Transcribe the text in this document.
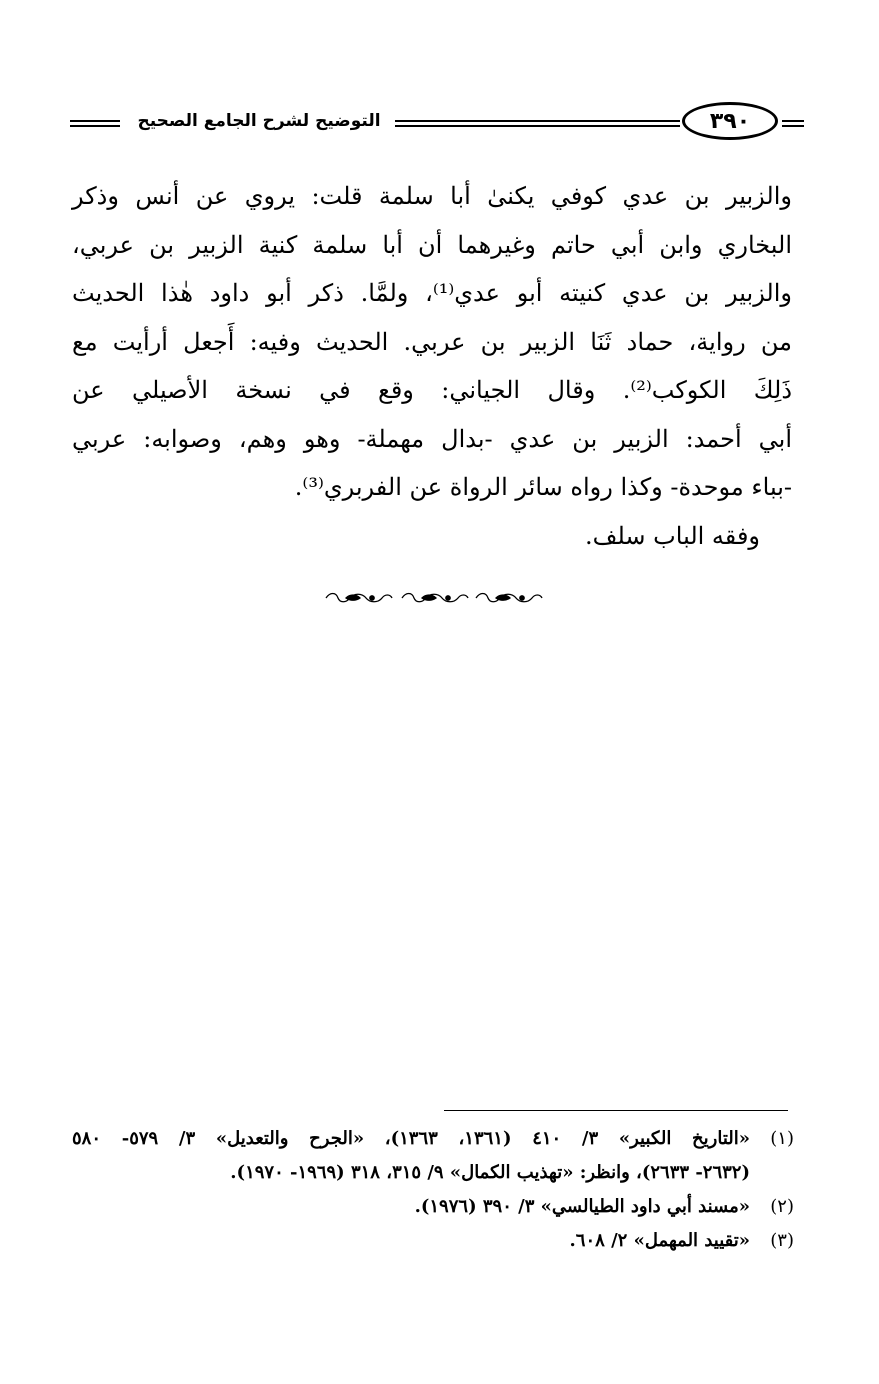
التوضيح لشرح الجامع الصحيح	٣٩٠
والزبير بن عدي كوفي يكنىٰ أبا سلمة قلت: يروي عن أنس وذكر
البخاري وابن أبي حاتم وغيرهما أن أبا سلمة كنية الزبير بن عربي،
والزبير بن عدي كنيته أبو عدي⁽¹⁾، ولمَّا. ذكر أبو داود هٰذا الحديث
من رواية، حماد ثَنَا الزبير بن عربي. الحديث وفيه: أَجعل أرأيت مع
ذَلِكَ الكوكب⁽²⁾. وقال الجياني: وقع في نسخة الأصيلي عن
أبي أحمد: الزبير بن عدي -بدال مهملة- وهو وهم، وصوابه: عربي
-بباء موحدة- وكذا رواه سائر الرواة عن الفربري⁽³⁾.
وفقه الباب سلف.
(١)
«التاريخ الكبير» ٣/ ٤١٠ (١٣٦١، ١٣٦٣)، «الجرح والتعديل» ٣/ ٥٧٩- ٥٨٠
(٢٦٣٢- ٢٦٣٣)، وانظر: «تهذيب الكمال» ٩/ ٣١٥، ٣١٨ (١٩٦٩- ١٩٧٠).
(٢)
«مسند أبي داود الطيالسي» ٣/ ٣٩٠ (١٩٧٦).
(٣)
«تقييد المهمل» ٢/ ٦٠٨.
